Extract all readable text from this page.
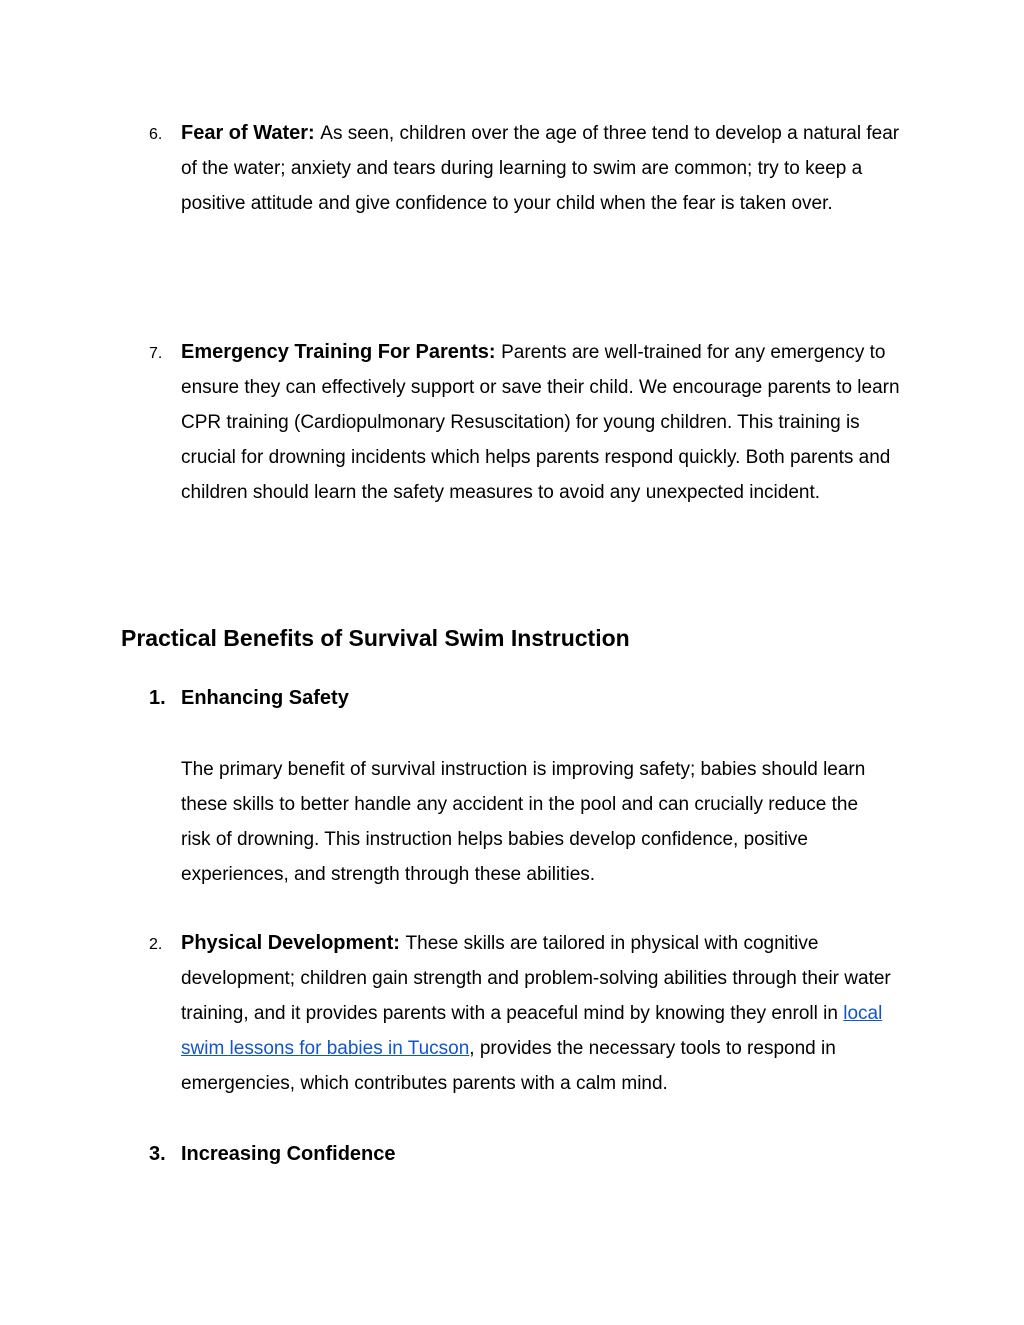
6. Fear of Water: As seen, children over the age of three tend to develop a natural fear of the water; anxiety and tears during learning to swim are common; try to keep a positive attitude and give confidence to your child when the fear is taken over.
7. Emergency Training For Parents: Parents are well-trained for any emergency to ensure they can effectively support or save their child. We encourage parents to learn CPR training (Cardiopulmonary Resuscitation) for young children. This training is crucial for drowning incidents which helps parents respond quickly. Both parents and children should learn the safety measures to avoid any unexpected incident.
Practical Benefits of Survival Swim Instruction
1. Enhancing Safety
The primary benefit of survival instruction is improving safety; babies should learn these skills to better handle any accident in the pool and can crucially reduce the risk of drowning. This instruction helps babies develop confidence, positive experiences, and strength through these abilities.
2. Physical Development: These skills are tailored in physical with cognitive development; children gain strength and problem-solving abilities through their water training, and it provides parents with a peaceful mind by knowing they enroll in local swim lessons for babies in Tucson, provides the necessary tools to respond in emergencies, which contributes parents with a calm mind.
3. Increasing Confidence
